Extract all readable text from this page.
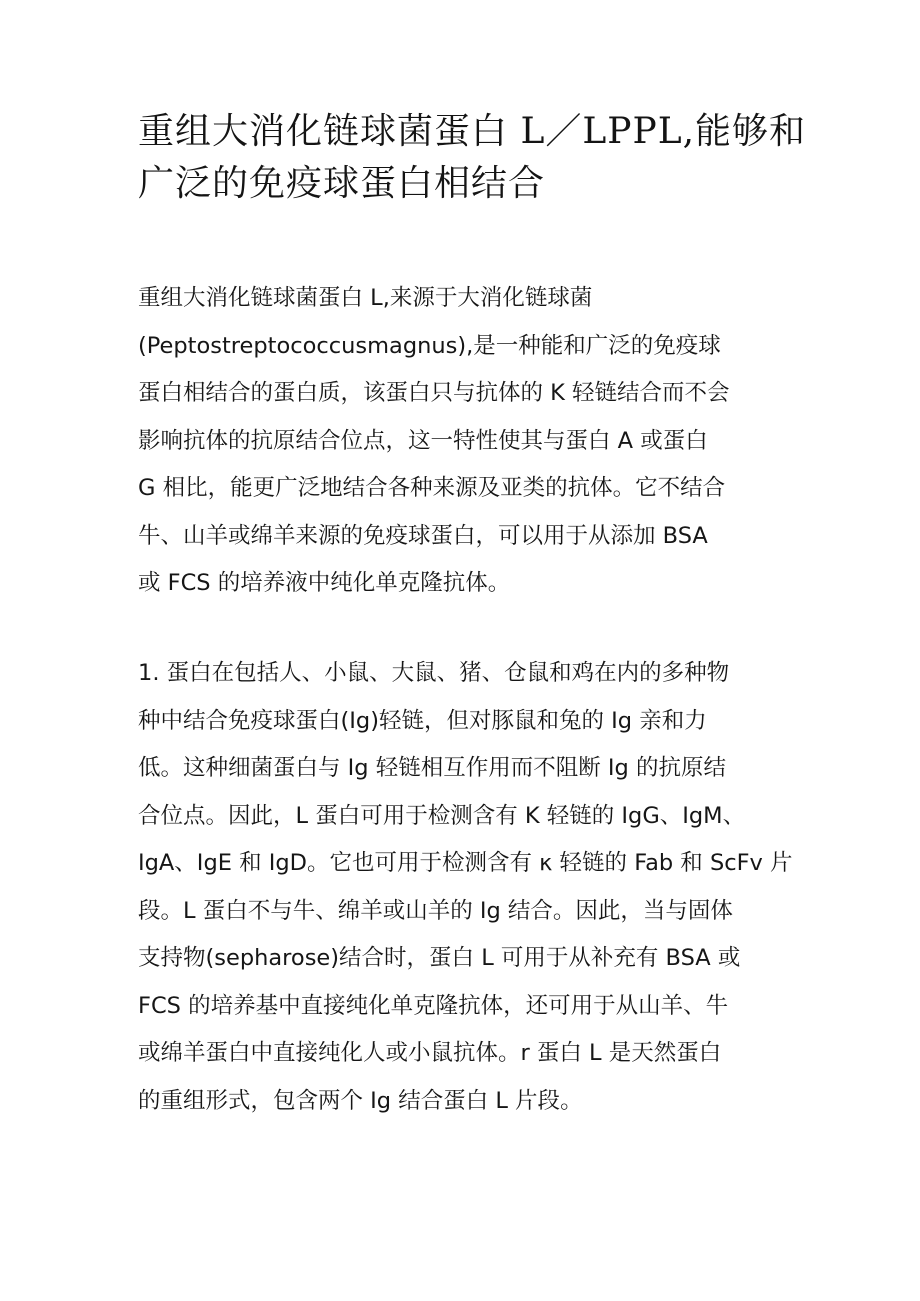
重组大消化链球菌蛋白 L／LPPL,能够和
广泛的免疫球蛋白相结合

重组大消化链球菌蛋白 L,来源于大消化链球菌
(Peptostreptococcusmagnus),是一种能和广泛的免疫球
蛋白相结合的蛋白质，该蛋白只与抗体的 K 轻链结合而不会
影响抗体的抗原结合位点，这一特性使其与蛋白 A 或蛋白
G 相比，能更广泛地结合各种来源及亚类的抗体。它不结合
牛、山羊或绵羊来源的免疫球蛋白，可以用于从添加 BSA
或 FCS 的培养液中纯化单克隆抗体。

1. 蛋白在包括人、小鼠、大鼠、猪、仓鼠和鸡在内的多种物
种中结合免疫球蛋白(Ig)轻链，但对豚鼠和兔的 Ig 亲和力
低。这种细菌蛋白与 Ig 轻链相互作用而不阻断 Ig 的抗原结
合位点。因此，L 蛋白可用于检测含有 K 轻链的 IgG、IgM、
IgA、IgE 和 IgD。它也可用于检测含有 κ 轻链的 Fab 和 ScFv 片
段。L 蛋白不与牛、绵羊或山羊的 Ig 结合。因此，当与固体
支持物(sepharose)结合时，蛋白 L 可用于从补充有 BSA 或
FCS 的培养基中直接纯化单克隆抗体，还可用于从山羊、牛
或绵羊蛋白中直接纯化人或小鼠抗体。r 蛋白 L 是天然蛋白
的重组形式，包含两个 Ig 结合蛋白 L 片段。
